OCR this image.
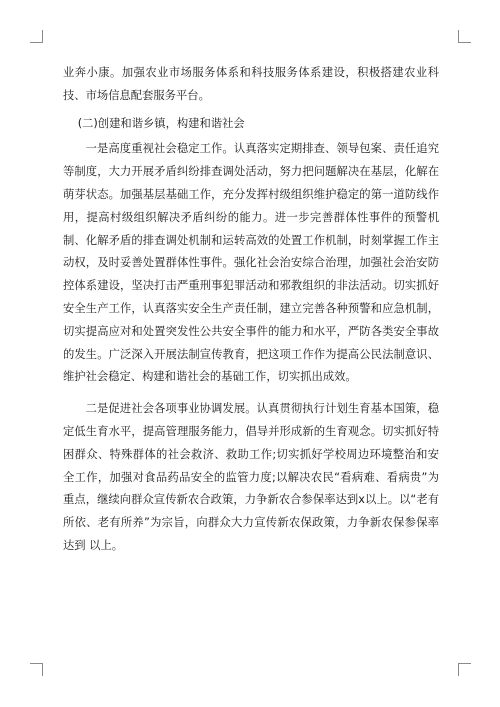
业奔小康。加强农业市场服务体系和科技服务体系建设，积极搭建农业科技、市场信息配套服务平台。

(二)创建和谐乡镇，构建和谐社会

一是高度重视社会稳定工作。认真落实定期排查、领导包案、责任追究等制度，大力开展矛盾纠纷排查调处活动，努力把问题解决在基层，化解在萌芽状态。加强基层基础工作，充分发挥村级组织维护稳定的第一道防线作用，提高村级组织解决矛盾纠纷的能力。进一步完善群体性事件的预警机制、化解矛盾的排查调处机制和运转高效的处置工作机制，时刻掌握工作主动权，及时妥善处置群体性事件。强化社会治安综合治理，加强社会治安防控体系建设，坚决打击严重刑事犯罪活动和邪教组织的非法活动。切实抓好安全生产工作，认真落实安全生产责任制，建立完善各种预警和应急机制，切实提高应对和处置突发性公共安全事件的能力和水平，严防各类安全事故的发生。广泛深入开展法制宣传教育，把这项工作作为提高公民法制意识、维护社会稳定、构建和谐社会的基础工作，切实抓出成效。

二是促进社会各项事业协调发展。认真贯彻执行计划生育基本国策，稳定低生育水平，提高管理服务能力，倡导并形成新的生育观念。切实抓好特困群众、特殊群体的社会救济、救助工作;切实抓好学校周边环境整治和安全工作，加强对食品药品安全的监管力度;以解决农民“看病难、看病贵”为重点，继续向群众宣传新农合政策，力争新农合参保率达到x以上。以“老有所依、老有所养”为宗旨，向群众大力宣传新农保政策，力争新农保参保率达到 以上。
